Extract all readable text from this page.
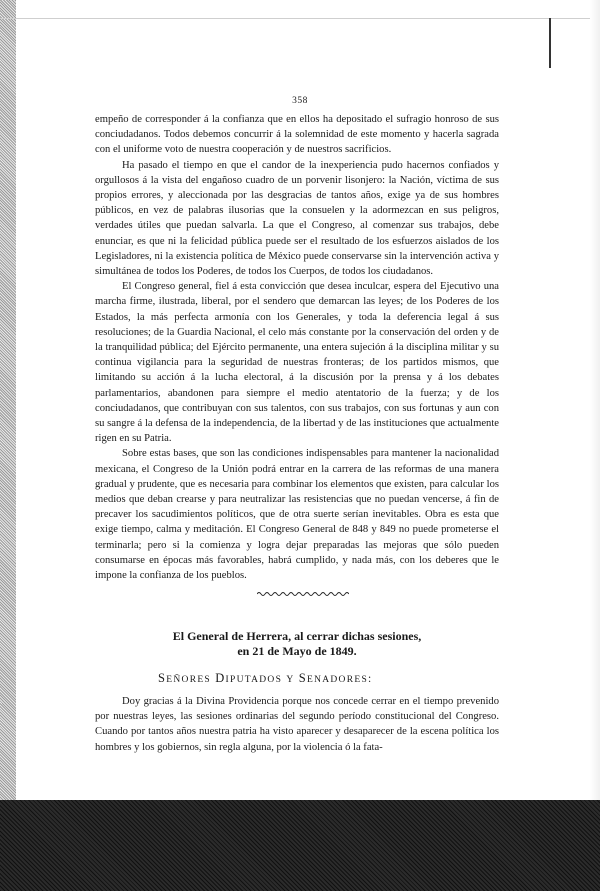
358

empeño de corresponder á la confianza que en ellos ha depositado el sufragio honroso de sus conciudadanos. Todos debemos concurrir á la solemnidad de este momento y hacerla sagrada con el uniforme voto de nuestra cooperación y de nuestros sacrificios.

Ha pasado el tiempo en que el candor de la inexperiencia pudo hacernos confiados y orgullosos á la vista del engañoso cuadro de un porvenir lisonjero: la Nación, víctima de sus propios errores, y aleccionada por las desgracias de tantos años, exige ya de sus hombres públicos, en vez de palabras ilusorias que la consuelen y la adormezcan en sus peligros, verdades útiles que puedan salvarla. La que el Congreso, al comenzar sus trabajos, debe enunciar, es que ni la felicidad pública puede ser el resultado de los esfuerzos aislados de los Legisladores, ni la existencia política de México puede conservarse sin la intervención activa y simultánea de todos los Poderes, de todos los Cuerpos, de todos los ciudadanos.

El Congreso general, fiel á esta convicción que desea inculcar, espera del Ejecutivo una marcha firme, ilustrada, liberal, por el sendero que demarcan las leyes; de los Poderes de los Estados, la más perfecta armonía con los Generales, y toda la deferencia legal á sus resoluciones; de la Guardia Nacional, el celo más constante por la conservación del orden y de la tranquilidad pública; del Ejército permanente, una entera sujeción á la disciplina militar y su continua vigilancia para la seguridad de nuestras fronteras; de los partidos mismos, que limitando su acción á la lucha electoral, á la discusión por la prensa y á los debates parlamentarios, abandonen para siempre el medio atentatorio de la fuerza; y de los conciudadanos, que contribuyan con sus talentos, con sus trabajos, con sus fortunas y aun con su sangre á la defensa de la independencia, de la libertad y de las instituciones que actualmente rigen en su Patria.

Sobre estas bases, que son las condiciones indispensables para mantener la nacionalidad mexicana, el Congreso de la Unión podrá entrar en la carrera de las reformas de una manera gradual y prudente, que es necesaria para combinar los elementos que existen, para calcular los medios que deban crearse y para neutralizar las resistencias que no puedan vencerse, á fin de precaver los sacudimientos políticos, que de otra suerte serían inevitables. Obra es esta que exige tiempo, calma y meditación. El Congreso General de 848 y 849 no puede prometerse el terminarla; pero si la comienza y logra dejar preparadas las mejoras que sólo pueden consumarse en épocas más favorables, habrá cumplido, y nada más, con los deberes que le impone la confianza de los pueblos.

El General de Herrera, al cerrar dichas sesiones,
en 21 de Mayo de 1849.
SEÑORES DIPUTADOS Y SENADORES:

Doy gracias á la Divina Providencia porque nos concede cerrar en el tiempo prevenido por nuestras leyes, las sesiones ordinarias del segundo período constitucional del Congreso. Cuando por tantos años nuestra patria ha visto aparecer y desaparecer de la escena política los hombres y los gobiernos, sin regla alguna, por la violencia ó la fata-
